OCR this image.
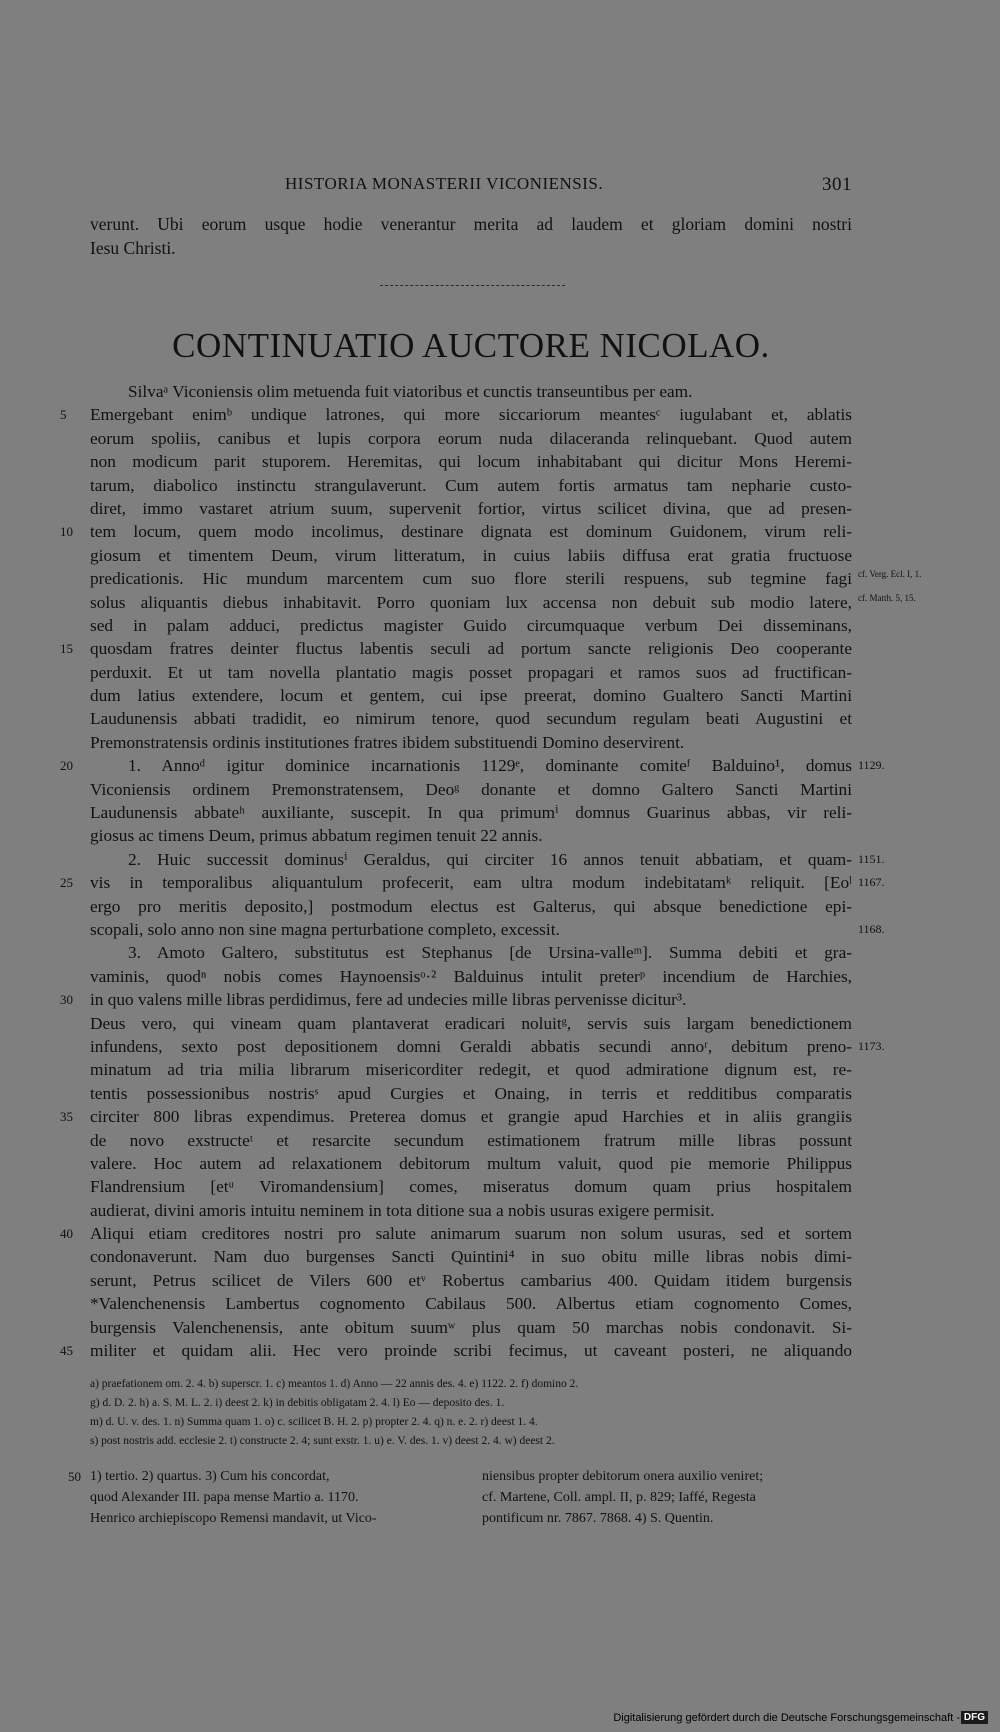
HISTORIA MONASTERII VICONIENSIS.	301
verunt. Ubi eorum usque hodie venerantur merita ad laudem et gloriam domini nostri
Iesu Christi.
CONTINUATIO AUCTORE NICOLAO.
Silvaᵃ Viconiensis olim metuenda fuit viatoribus et cunctis transeuntibus per eam.
5	Emergebant enimᵇ undique latrones, qui more siccariorum meantesᶜ iugulabant et, ablatis
eorum spoliis, canibus et lupis corpora eorum nuda dilaceranda relinquebant. Quod autem
non modicum parit stuporem. Heremitas, qui locum inhabitabant qui dicitur Mons Heremi-
tarum, diabolico instinctu strangulaverunt. Cum autem fortis armatus tam nepharie custo-
diret, immo vastaret atrium suum, supervenit fortior, virtus scilicet divina, que ad presen-
10 tem locum, quem modo incolimus, destinare dignata est dominum Guidonem, virum reli-
giosum et timentem Deum, virum litteratum, in cuius labiis diffusa erat gratia fructuose
predicationis. Hic mundum marcentem cum suo flore sterili respuens, sub tegmine fagi cf. Verg. Ecl. I, 1.
solus aliquantis diebus inhabitavit. Porro quoniam lux accensa non debuit sub modio latere, cf. Matth. 5, 15.
sed in palam adduci, predictus magister Guido circumquaque verbum Dei disseminans,
15 quosdam fratres deinter fluctus labentis seculi ad portum sancte religionis Deo cooperante
perduxit. Et ut tam novella plantatio magis posset propagari et ramos suos ad fructifican-
dum latius extendere, locum et gentem, cui ipse preerat, domino Gualtero Sancti Martini
Laudunensis abbati tradidit, eo nimirum tenore, quod secundum regulam beati Augustini et
Premonstratensis ordinis institutiones fratres ibidem substituendi Domino deservirent.
20	1. Annoᵈ igitur dominice incarnationis 1129ᵉ, dominante comiteᶠ Balduino¹, domus 1129.
Viconiensis ordinem Premonstratensem, Deoᵍ donante et domno Galtero Sancti Martini
Laudunensis abbateʰ auxiliante, suscepit. In qua primumⁱ domnus Guarinus abbas, vir reli-
giosus ac timens Deum, primus abbatum regimen tenuit 22 annis.
2. Huic successit dominusⁱ Geraldus, qui circiter 16 annos tenuit abbatiam, et quam- 1151.
25 vis in temporalibus aliquantulum profecerit, eam ultra modum indebitatamᵏ reliquit. [Eoˡ 1167.
ergo pro meritis deposito,] postmodum electus est Galterus, qui absque benedictione epi-
scopali, solo anno non sine magna perturbatione completo, excessit.	1168.
3. Amoto Galtero, substitutus est Stephanus [de Ursina-valleᵐ]. Summa debiti et gra-
vaminis, quodⁿ nobis comes Haynoensisᵒ·² Balduinus intulit preterᵖ incendium de Harchies,
30 in quo valens mille libras perdidimus, fere ad undecies mille libras pervenisse dicitur³.
Deus vero, qui vineam quam plantaverat eradicari noluitᵍ, servis suis largam benedictionem
infundens, sexto post depositionem domni Geraldi abbatis secundi annoʳ, debitum preno- 1173.
minatum ad tria milia librarum misericorditer redegit, et quod admiratione dignum est, re-
tentis possessionibus nostrisˢ apud Curgies et Onaing, in terris et redditibus comparatis
35 circiter 800 libras expendimus. Preterea domus et grangie apud Harchies et in aliis grangiis
de novo exstructeᵗ et resarcite secundum estimationem fratrum mille libras possunt
valere. Hoc autem ad relaxationem debitorum multum valuit, quod pie memorie Philippus
Flandrensium [etᵘ Viromandensium] comes, miseratus domum quam prius hospitalem
audierat, divini amoris intuitu neminem in tota ditione sua a nobis usuras exigere permisit.
40 Aliqui etiam creditores nostri pro salute animarum suarum non solum usuras, sed et sortem
condonaverunt. Nam duo burgenses Sancti Quintini⁴ in suo obitu mille libras nobis dimi-
serunt, Petrus scilicet de Vilers 600 etᵛ Robertus cambarius 400. Quidam itidem burgensis
*Valenchenensis Lambertus cognomento Cabilaus 500. Albertus etiam cognomento Comes,
burgensis Valenchenensis, ante obitum suumʷ plus quam 50 marchas nobis condonavit. Si-
45 militer et quidam alii. Hec vero proinde scribi fecimus, ut caveant posteri, ne aliquando
a) praefationem om. 2. 4. b) superscr. 1. c) meantos 1. d) Anno — 22 annis des. 4. e) 1122. 2. f) domino 2.
g) d. D. 2. h) a. S. M. L. 2. i) deest 2. k) in debitis obligatam 2. 4. l) Eo — deposito des. 1.
m) d. U. v. des. 1. n) Summa quam 1. o) c. scilicet B. H. 2. p) propter 2. 4. q) n. e. 2. r) deest 1. 4.
s) post nostris add. ecclesie 2. t) constructe 2. 4; sunt exstr. 1. u) e. V. des. 1. v) deest 2. 4. w) deest 2.
50 1) tertio. 2) quartus. 3) Cum his concordat,	niensibus propter debitorum onera auxilio veniret;
quod Alexander III. papa mense Martio a. 1170.	cf. Martene, Coll. ampl. II, p. 829; Iaffé, Regesta
Henrico archiepiscopo Remensi mandavit, ut Vico-	pontificum nr. 7867. 7868. 4) S. Quentin.
Digitalisierung gefördert durch die Deutsche Forschungsgemeinschaft - DFG
